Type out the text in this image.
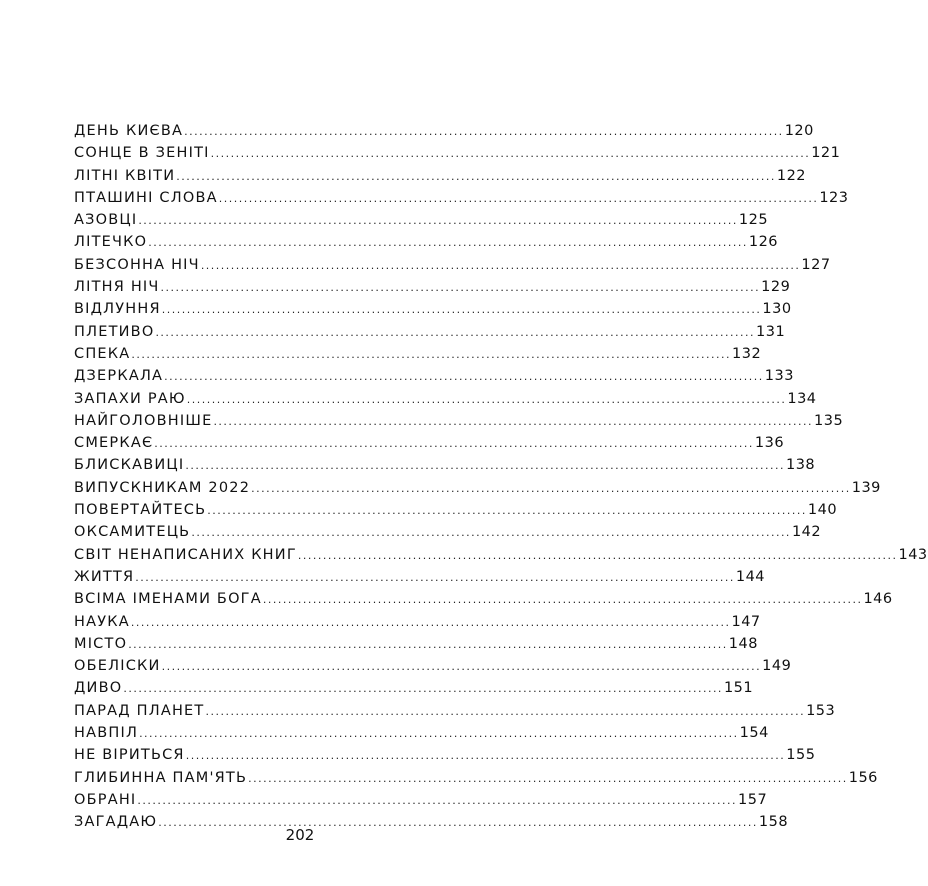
ДЕНЬ КИЄВА ........................................................................................................................ 120
СОНЦЕ В ЗЕНІТІ ........................................................................................................................ 121
ЛІТНІ КВІТИ ........................................................................................................................ 122
ПТАШИНІ СЛОВА ........................................................................................................................ 123
АЗОВЦІ ........................................................................................................................ 125
ЛІТЕЧКО ........................................................................................................................ 126
БЕЗСОННА НІЧ ........................................................................................................................ 127
ЛІТНЯ НІЧ ........................................................................................................................ 129
ВІДЛУННЯ ........................................................................................................................ 130
ПЛЕТИВО ........................................................................................................................ 131
СПЕКА ........................................................................................................................ 132
ДЗЕРКАЛА ........................................................................................................................ 133
ЗАПАХИ РАЮ ........................................................................................................................ 134
НАЙГОЛОВНІШЕ ........................................................................................................................ 135
СМЕРКАЄ ........................................................................................................................ 136
БЛИСКАВИЦІ ........................................................................................................................ 138
ВИПУСКНИКАМ 2022 ........................................................................................................................ 139
ПОВЕРТАЙТЕСЬ ........................................................................................................................ 140
ОКСАМИТЕЦЬ ........................................................................................................................ 142
СВІТ НЕНАПИСАНИХ КНИГ ........................................................................................................................ 143
ЖИТТЯ ........................................................................................................................ 144
ВСІМА ІМЕНАМИ БОГА ........................................................................................................................ 146
НАУКА ........................................................................................................................ 147
МІСТО ........................................................................................................................ 148
ОБЕЛІСКИ ........................................................................................................................ 149
ДИВО ........................................................................................................................ 151
ПАРАД ПЛАНЕТ ........................................................................................................................ 153
НАВПІЛ ........................................................................................................................ 154
НЕ ВІРИТЬСЯ ........................................................................................................................ 155
ГЛИБИННА ПАМ'ЯТЬ ........................................................................................................................ 156
ОБРАНІ ........................................................................................................................ 157
ЗАГАДАЮ ........................................................................................................................ 158
202
